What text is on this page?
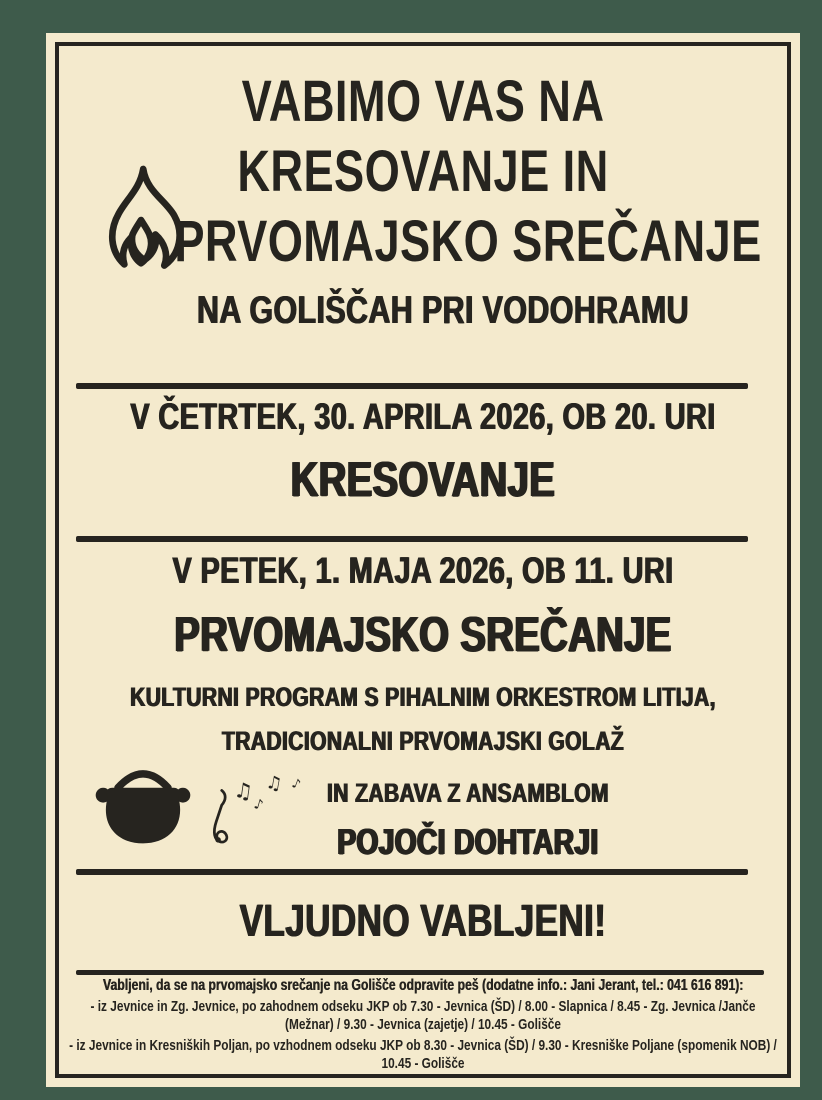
VABIMO VAS NA
KRESOVANJE IN
PRVOMAJSKO SREČANJE
NA GOLIŠČAH PRI VODOHRAMU
V ČETRTEK, 30. APRILA 2026, OB 20. URI
KRESOVANJE
V PETEK, 1. MAJA 2026, OB 11. URI
PRVOMAJSKO SREČANJE
KULTURNI PROGRAM S PIHALNIM ORKESTROM LITIJA,
TRADICIONALNI PRVOMAJSKI GOLAŽ
♫
♪
♫ ♪ IN ZABAVA Z ANSAMBLOM
POJOČI DOHTARJI
VLJUDNO VABLJENI!

Vabljeni, da se na prvomajsko srečanje na Golišče odpravite peš (dodatne info.: Jani Jerant, tel.: 041 616 891):

- iz Jevnice in Zg. Jevnice, po zahodnem odseku JKP ob 7.30 - Jevnica (ŠD) / 8.00 - Slapnica / 8.45 - Zg. Jevnica /Janče (Mežnar) / 9.30 - Jevnica (zajetje) / 10.45 - Golišče

- iz Jevnice in Kresniških Poljan, po vzhodnem odseku JKP ob 8.30 - Jevnica (ŠD) / 9.30 - Kresniške Poljane (spomenik NOB) / 10.45 - Golišče
